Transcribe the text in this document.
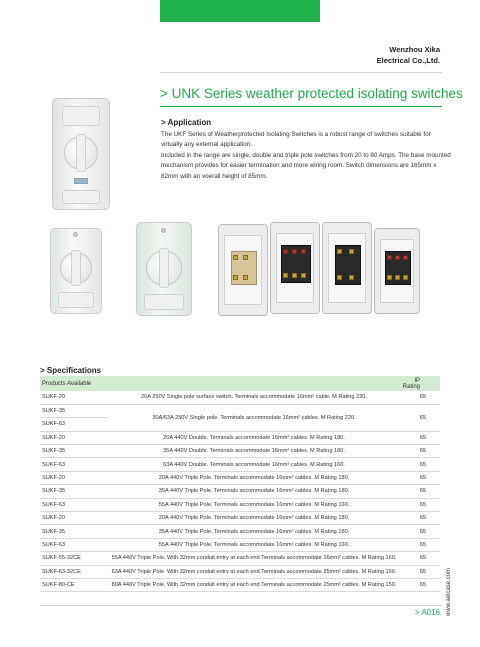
Wenzhou Xika
Electrical Co.,Ltd.
> UNK Series weather protected isolating switches
> Application

The UKF Series of Weatherprotected Isolating Switches is a robust range of switches suitable for virtually any external application.

Included in the range are single, double and triple pole switches from 20 to 80 Amps. The base mounted mechanism provides for easier termination and more wiring room. Switch dimensions are 165mm x 82mm with an voerall height of 85mm.

> Specifications
Products Available		IP Rating
SUKF-20	20A 250V Single pole surface switch. Terminals accommodate 16mm² cable. M Rating 220.	65
SUKF-35	30A/63A 250V Single pole. Terminals accommodate 16mm² cables. M Rating 220.	65
SUKF-63		
SUKF-20	20A 440V Double. Terminals accommodate 16mm² cables. M Rating 180.	65
SUKF-35	35A 440V Double. Terminals accommodate 16mm² cables. M Rating 180.	65
SUKF-63	63A 440V Double. Terminals accommodate 16mm² cables. M Rating 160.	65
SUKF-20	20A 440V Triple Pole. Terminals accommodate 16mm² cables. M Rating 180.	65
SUKF-35	35A 440V Triple Pole. Terminals accommodate 16mm² cables. M Rating 180.	65
SUKF-63	55A 440V Triple Pole. Terminals accommodate 16mm² cables. M Rating 160.	65
SUKF-20	20A 440V Triple Pole. Terminals accommodate 16mm² cables. M Rating 180.	65
SUKF-35	35A 440V Triple Pole. Terminals accommodate 16mm² cables. M Rating 180.	65
SUKF-63	55A 440V Triple Pole. Terminals accommodate 16mm² cables. M Rating 160.	65
SUKF-55-32CE	55A 440V Triple Pole. With 32mm conduit entry at each end.Terminals accommodate 16mm² cables. M Rating 160.	65
SUKF-63-32CE	63A 440V Triple Pole. With 32mm conduit entry at each end.Terminals accommodate 25mm² cables. M Rating 160.	65
SUKF-80-CE	80A 440V Triple Pole. With 32mm conduit entry at each end.Terminals accommodate 25mm² cables. M Rating 150.	65	www.aeicase.com
> A016
